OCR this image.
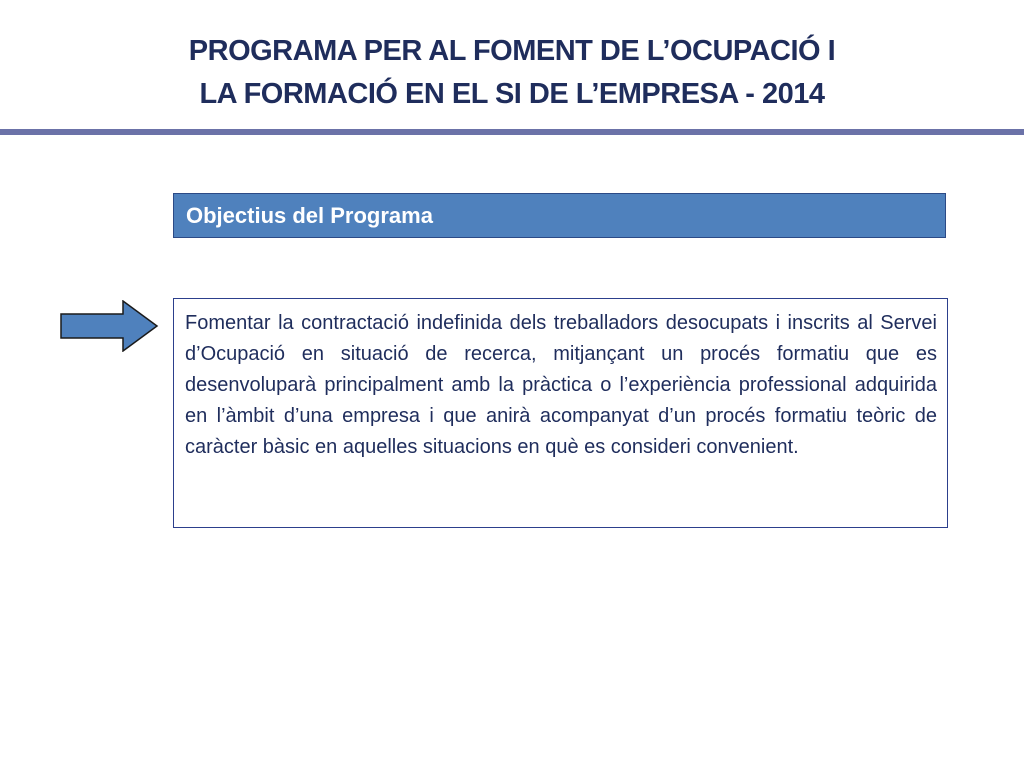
PROGRAMA PER AL FOMENT DE L’OCUPACIÓ I
LA FORMACIÓ EN EL SI DE L’EMPRESA - 2014
Objectius del Programa

Fomentar la contractació indefinida dels treballadors desocupats i inscrits al Servei d’Ocupació en situació de recerca, mitjançant un procés formatiu que es desenvoluparà principalment amb la pràctica o l’experiència professional adquirida en l’àmbit d’una empresa i que anirà acompanyat d’un procés formatiu teòric de caràcter bàsic en aquelles situacions en què es consideri convenient.
